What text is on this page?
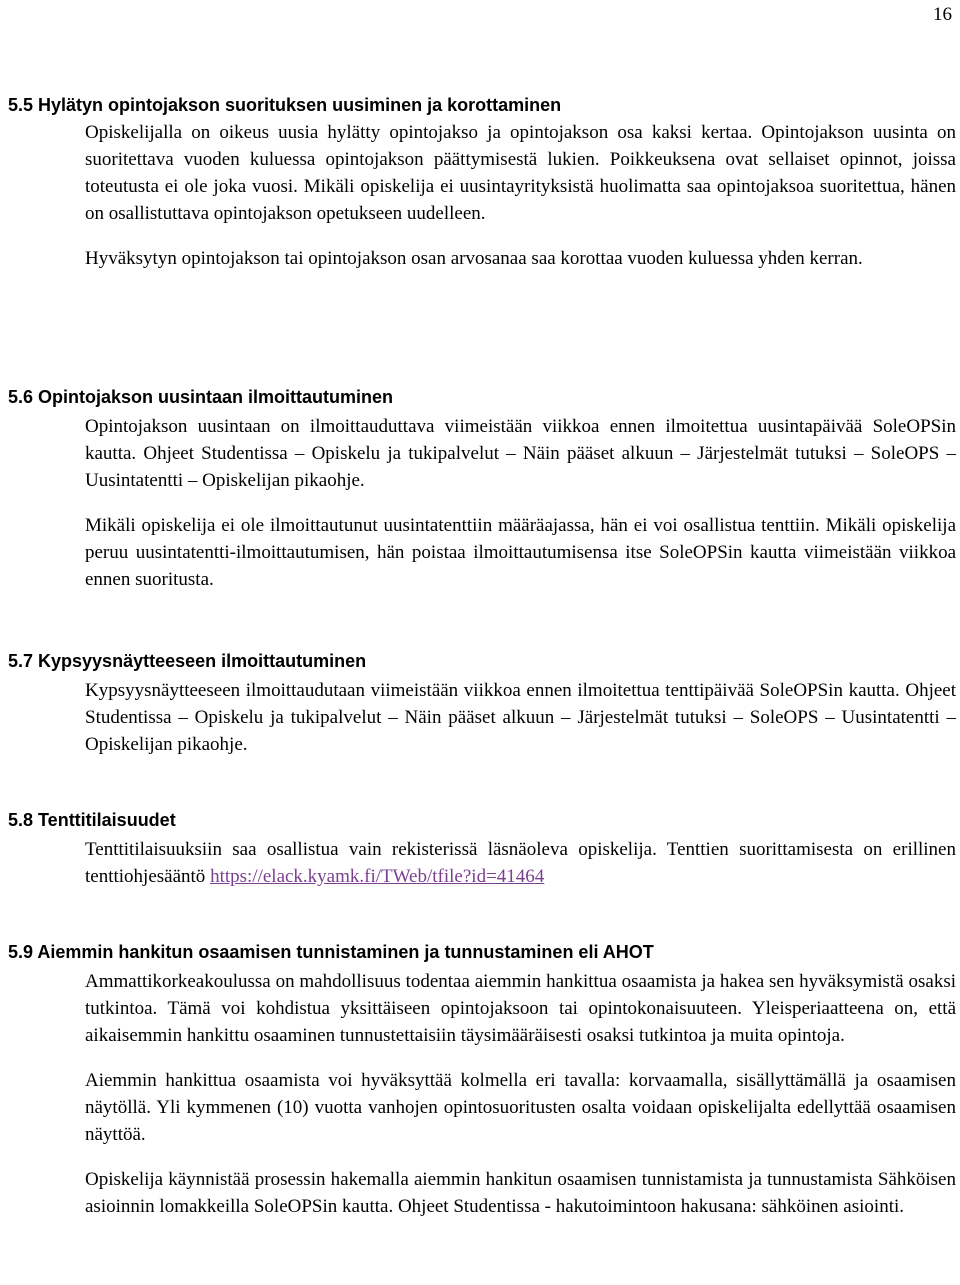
16
5.5 Hylätyn opintojakson suorituksen uusiminen ja korottaminen

Opiskelijalla on oikeus uusia hylätty opintojakso ja opintojakson osa kaksi kertaa. Opintojakson uusinta on suoritettava vuoden kuluessa opintojakson päättymisestä lukien. Poikkeuksena ovat sellaiset opinnot, joissa toteutusta ei ole joka vuosi. Mikäli opiskelija ei uusintayrityksistä huolimatta saa opintojaksoa suoritettua, hänen on osallistuttava opintojakson opetukseen uudelleen.

Hyväksytyn opintojakson tai opintojakson osan arvosanaa saa korottaa vuoden kuluessa yhden kerran.

5.6 Opintojakson uusintaan ilmoittautuminen

Opintojakson uusintaan on ilmoittauduttava viimeistään viikkoa ennen ilmoitettua uusintapäivää SoleOPSin kautta. Ohjeet Studentissa – Opiskelu ja tukipalvelut – Näin pääset alkuun – Järjestelmät tutuksi – SoleOPS – Uusintatentti – Opiskelijan pikaohje.

Mikäli opiskelija ei ole ilmoittautunut uusintatenttiin määräajassa, hän ei voi osallistua tenttiin. Mikäli opiskelija peruu uusintatentti-ilmoittautumisen, hän poistaa ilmoittautumisensa itse SoleOPSin kautta viimeistään viikkoa ennen suoritusta.

5.7 Kypsyysnäytteeseen ilmoittautuminen

Kypsyysnäytteeseen ilmoittaudutaan viimeistään viikkoa ennen ilmoitettua tenttipäivää SoleOPSin kautta. Ohjeet Studentissa – Opiskelu ja tukipalvelut – Näin pääset alkuun – Järjestelmät tutuksi – SoleOPS – Uusintatentti – Opiskelijan pikaohje.

5.8 Tenttitilaisuudet

Tenttitilaisuuksiin saa osallistua vain rekisterissä läsnäoleva opiskelija. Tenttien suorittamisesta on erillinen tenttiohjesääntö https://elack.kyamk.fi/TWeb/tfile?id=41464

5.9 Aiemmin hankitun osaamisen tunnistaminen ja tunnustaminen eli AHOT

Ammattikorkeakoulussa on mahdollisuus todentaa aiemmin hankittua osaamista ja hakea sen hyväksymistä osaksi tutkintoa. Tämä voi kohdistua yksittäiseen opintojaksoon tai opintokonaisuuteen. Yleisperiaatteena on, että aikaisemmin hankittu osaaminen tunnustettaisiin täysimääräisesti osaksi tutkintoa ja muita opintoja.

Aiemmin hankittua osaamista voi hyväksyttää kolmella eri tavalla: korvaamalla, sisällyttämällä ja osaamisen näytöllä. Yli kymmenen (10) vuotta vanhojen opintosuoritusten osalta voidaan opiskelijalta edellyttää osaamisen näyttöä.

Opiskelija käynnistää prosessin hakemalla aiemmin hankitun osaamisen tunnistamista ja tunnustamista Sähköisen asioinnin lomakkeilla SoleOPSin kautta. Ohjeet Studentissa - hakutoimintoon hakusana: sähköinen asiointi.
